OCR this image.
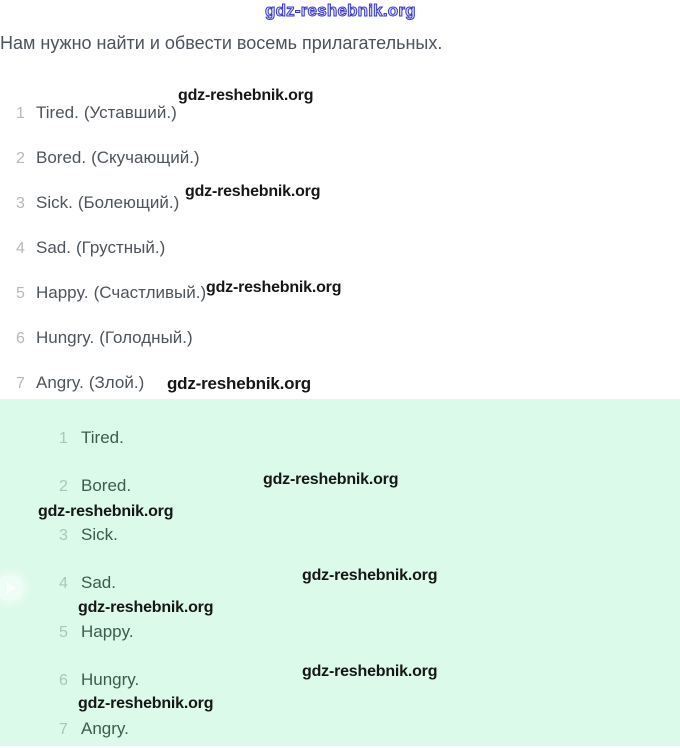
gdz-reshebnik.org
Нам нужно найти и обвести восемь прилагательных.
gdz-reshebnik.org
gdz-reshebnik.org
gdz-reshebnik.org
gdz-reshebnik.org
1 Tired. (Уставший.)
2 Bored. (Скучающий.)
3 Sick. (Болеющий.)
4 Sad. (Грустный.)
5 Happy. (Счастливый.)
6 Hungry. (Голодный.)
7 Angry. (Злой.)
1 Tired.
2 Bored.
3 Sick.
4 Sad.
5 Happy.
6 Hungry.
7 Angry.
gdz-reshebnik.org
gdz-reshebnik.org
gdz-reshebnik.org
gdz-reshebnik.org
gdz-reshebnik.org
gdz-reshebnik.org
